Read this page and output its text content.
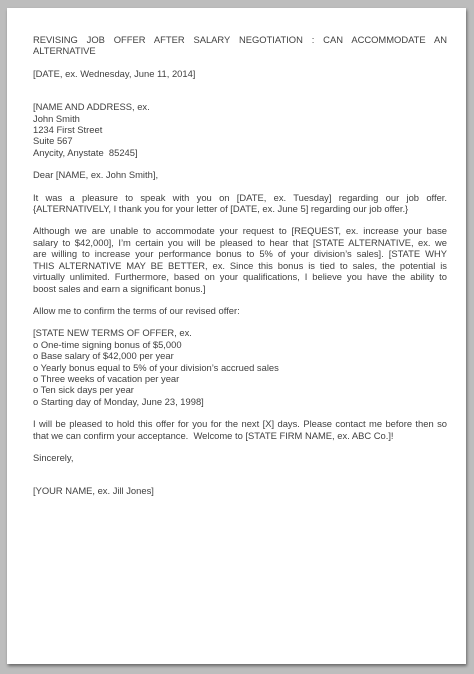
REVISING JOB OFFER AFTER SALARY NEGOTIATION : CAN ACCOMMODATE AN
ALTERNATIVE
[DATE, ex. Wednesday, June 11, 2014]
[NAME AND ADDRESS, ex.
John Smith
1234 First Street
Suite 567
Anycity, Anystate  85245]
Dear [NAME, ex. John Smith],
It was a pleasure to speak with you on [DATE, ex. Tuesday] regarding our job offer.
{ALTERNATIVELY, I thank you for your letter of [DATE, ex. June 5] regarding our job offer.}
Although we are unable to accommodate your request to [REQUEST, ex. increase your base
salary to $42,000], I’m certain you will be pleased to hear that [STATE ALTERNATIVE, ex. we
are willing to increase your performance bonus to 5% of your division’s sales]. [STATE WHY
THIS ALTERNATIVE MAY BE BETTER, ex. Since this bonus is tied to sales, the potential is
virtually unlimited. Furthermore, based on your qualifications, I believe you have the ability to
boost sales and earn a significant bonus.]
Allow me to confirm the terms of our revised offer:
[STATE NEW TERMS OF OFFER, ex.
o One-time signing bonus of $5,000
o Base salary of $42,000 per year
o Yearly bonus equal to 5% of your division’s accrued sales
o Three weeks of vacation per year
o Ten sick days per year
o Starting day of Monday, June 23, 1998]
I will be pleased to hold this offer for you for the next [X] days. Please contact me before then so
that we can confirm your acceptance.  Welcome to [STATE FIRM NAME, ex. ABC Co.]!
Sincerely,
[YOUR NAME, ex. Jill Jones]
